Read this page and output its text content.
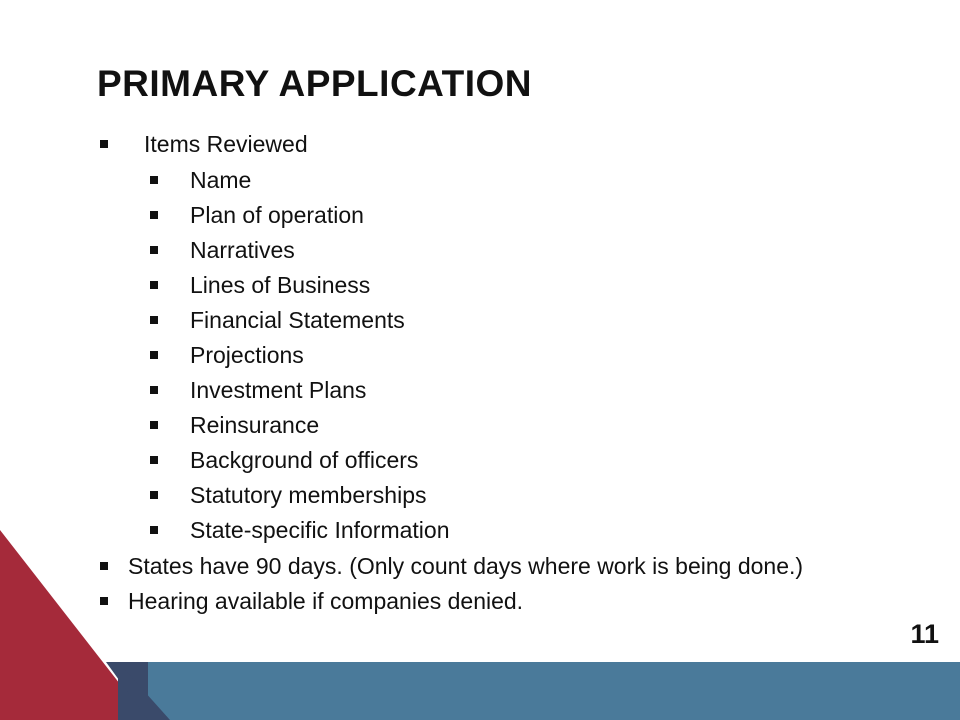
PRIMARY APPLICATION
Items Reviewed
Name
Plan of operation
Narratives
Lines of Business
Financial Statements
Projections
Investment Plans
Reinsurance
Background of officers
Statutory memberships
State-specific Information
States have 90 days. (Only count days where work is being done.)
Hearing available if companies denied.
11
